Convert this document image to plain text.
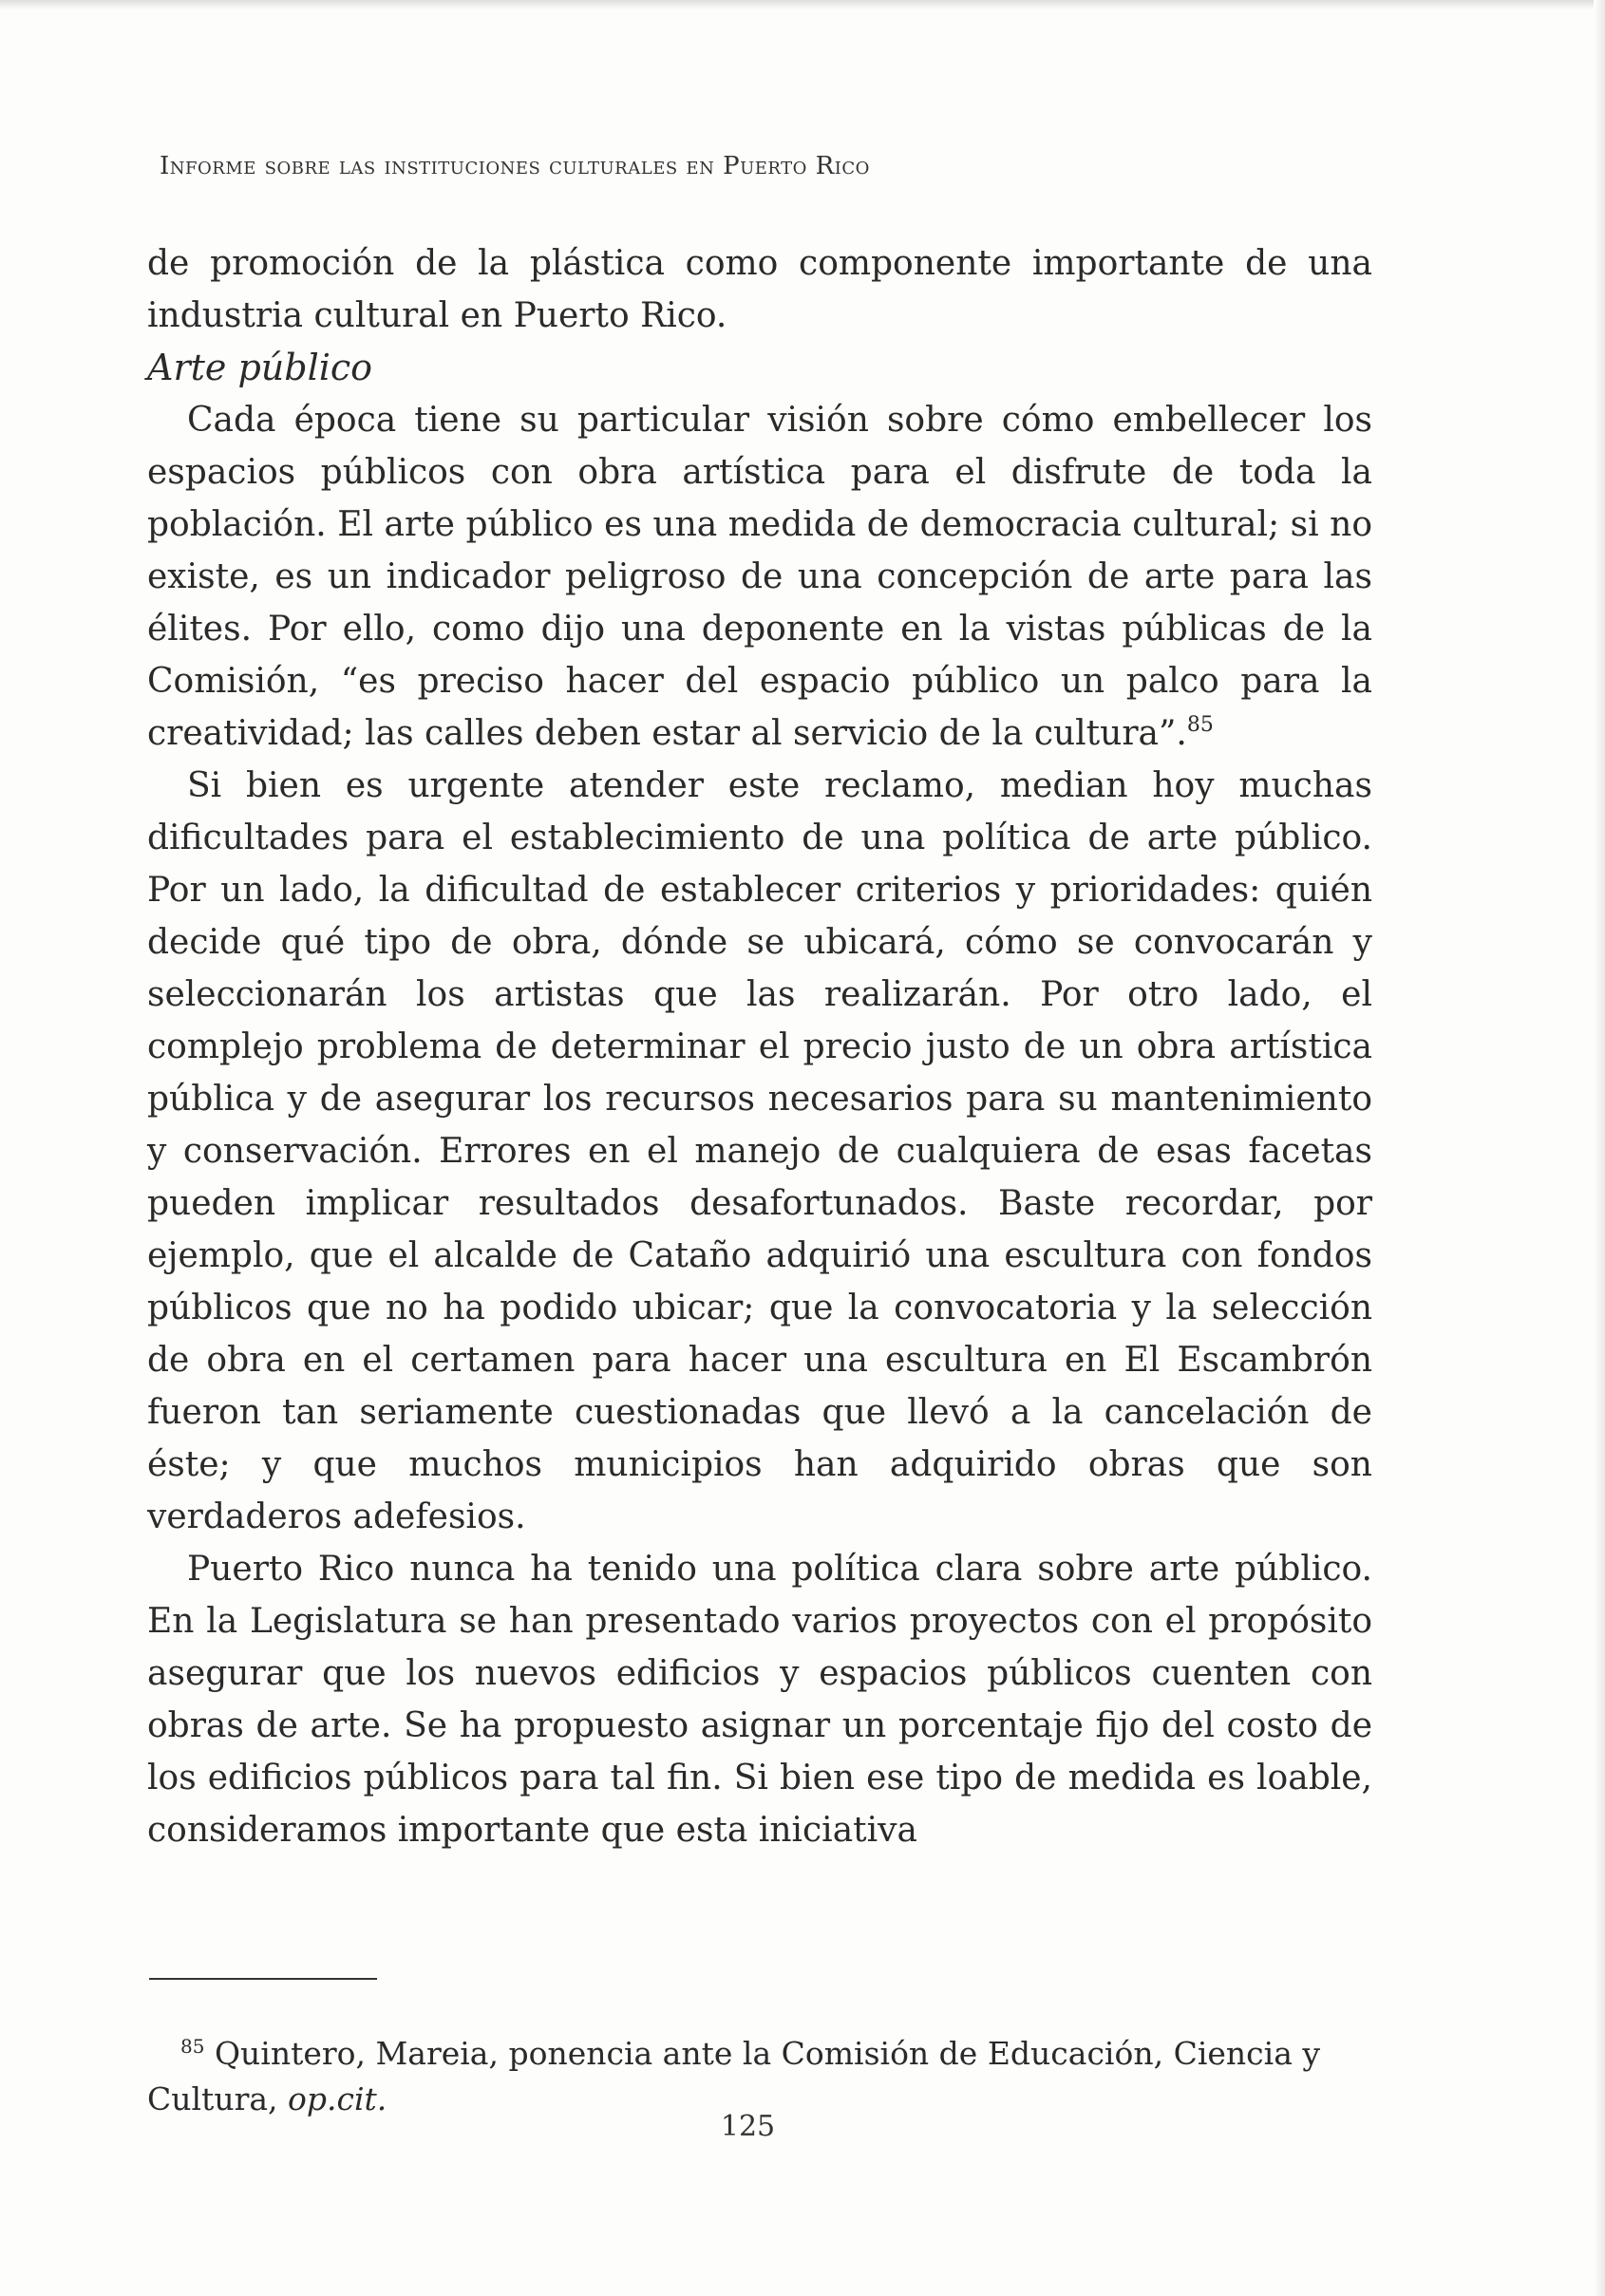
Informe sobre las instituciones culturales en Puerto Rico

de promoción de la plástica como componente importante de una industria cultural en Puerto Rico.

Arte público

Cada época tiene su particular visión sobre cómo embellecer los espacios públicos con obra artística para el disfrute de toda la población. El arte público es una medida de democracia cultural; si no existe, es un indicador peligroso de una concepción de arte para las élites. Por ello, como dijo una deponente en la vistas públicas de la Comisión, “es preciso hacer del espacio público un palco para la creatividad; las calles deben estar al servicio de la cultura”.$^{85}$

Si bien es urgente atender este reclamo, median hoy muchas dificultades para el establecimiento de una política de arte público. Por un lado, la dificultad de establecer criterios y prioridades: quién decide qué tipo de obra, dónde se ubicará, cómo se convocarán y seleccionarán los artistas que las realizarán. Por otro lado, el complejo problema de determinar el precio justo de un obra artística pública y de asegurar los recursos necesarios para su mantenimiento y conservación. Errores en el manejo de cualquiera de esas facetas pueden implicar resultados desafortunados. Baste recordar, por ejemplo, que el alcalde de Cataño adquirió una escultura con fondos públicos que no ha podido ubicar; que la convocatoria y la selección de obra en el certamen para hacer una escultura en El Escambrón fueron tan seriamente cuestionadas que llevó a la cancelación de éste; y que muchos municipios han adquirido obras que son verdaderos adefesios.

Puerto Rico nunca ha tenido una política clara sobre arte público. En la Legislatura se han presentado varios proyectos con el propósito asegurar que los nuevos edificios y espacios públicos cuenten con obras de arte. Se ha propuesto asignar un porcentaje fijo del costo de los edificios públicos para tal fin. Si bien ese tipo de medida es loable, consideramos importante que esta iniciativa

$^{85}$ Quintero, Mareia, ponencia ante la Comisión de Educación, Ciencia y Cultura, op.cit.

125
